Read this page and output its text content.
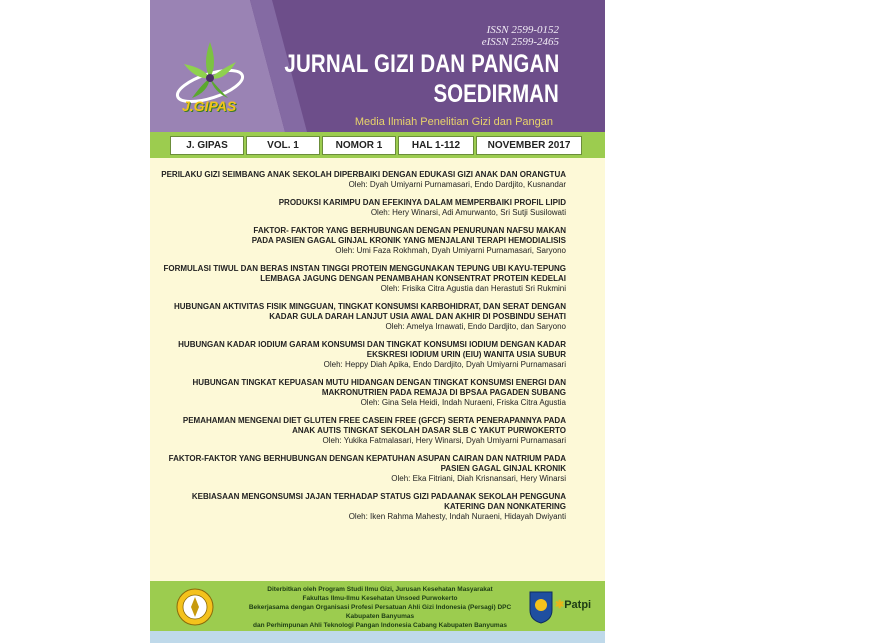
J.GIPAS
ISSN 2599-0152
eISSN 2599-2465
JURNAL GIZI DAN PANGAN
SOEDIRMAN
Media Ilmiah Penelitian Gizi dan Pangan
J. GIPAS	VOL. 1	NOMOR 1	HAL 1-112	NOVEMBER 2017
PERILAKU GIZI SEIMBANG ANAK SEKOLAH DIPERBAIKI DENGAN EDUKASI GIZI ANAK DAN ORANGTUA
Oleh: Dyah Umiyarni Purnamasari, Endo Dardjito, Kusnandar
PRODUKSI KARIMPU DAN EFEKINYA DALAM MEMPERBAIKI PROFIL LIPID
Oleh: Hery Winarsi, Adi Amurwanto, Sri Sutji Susilowati
FAKTOR- FAKTOR YANG BERHUBUNGAN DENGAN PENURUNAN NAFSU MAKAN
PADA PASIEN GAGAL GINJAL KRONIK YANG MENJALANI TERAPI HEMODIALISIS
Oleh: Umi Faza Rokhmah, Dyah Umiyarni Purnamasari, Saryono
FORMULASI TIWUL DAN BERAS INSTAN TINGGI PROTEIN MENGGUNAKAN TEPUNG UBI KAYU-TEPUNG
LEMBAGA JAGUNG DENGAN PENAMBAHAN KONSENTRAT PROTEIN KEDELAI
Oleh: Frisika Citra Agustia dan Herastuti Sri Rukmini
HUBUNGAN AKTIVITAS FISIK MINGGUAN, TINGKAT KONSUMSI KARBOHIDRAT, DAN SERAT DENGAN
KADAR GULA DARAH LANJUT USIA AWAL DAN AKHIR DI POSBINDU SEHATI
Oleh: Amelya Irnawati, Endo Dardjito, dan Saryono
HUBUNGAN KADAR IODIUM GARAM KONSUMSI DAN TINGKAT KONSUMSI IODIUM DENGAN KADAR
EKSKRESI IODIUM URIN (EIU) WANITA USIA SUBUR
Oleh: Heppy Diah Apika, Endo Dardjito, Dyah Umiyarni Purnamasari
HUBUNGAN TINGKAT KEPUASAN MUTU HIDANGAN DENGAN TINGKAT KONSUMSI ENERGI DAN
MAKRONUTRIEN PADA REMAJA DI BPSAA PAGADEN SUBANG
Oleh: Gina Sela Heidi, Indah Nuraeni, Friska Citra Agustia
PEMAHAMAN MENGENAI DIET GLUTEN FREE CASEIN FREE (GFCF) SERTA PENERAPANNYA PADA
ANAK AUTIS TINGKAT SEKOLAH DASAR SLB C YAKUT PURWOKERTO
Oleh: Yukika Fatmalasari, Hery Winarsi, Dyah Umiyarni Purnamasari
FAKTOR-FAKTOR YANG BERHUBUNGAN DENGAN KEPATUHAN ASUPAN CAIRAN DAN NATRIUM PADA
PASIEN GAGAL GINJAL KRONIK
Oleh: Eka Fitriani, Diah Krisnansari, Hery Winarsi
KEBIASAAN MENGONSUMSI JAJAN TERHADAP STATUS GIZI PADAANAK SEKOLAH PENGGUNA
KATERING DAN NONKATERING
Oleh: Iken Rahma Mahesty, Indah Nuraeni, Hidayah Dwiyanti
Diterbitkan oleh Program Studi Ilmu Gizi, Jurusan Kesehatan Masyarakat
Fakultas Ilmu-Ilmu Kesehatan Unsoed Purwokerto
Bekerjasama dengan Organisasi Profesi Persatuan Ahli Gizi Indonesia (Persagi) DPC Kabupaten Banyumas
dan Perhimpunan Ahli Teknologi Pangan Indonesia Cabang Kabupaten Banyumas
✱Patpi
